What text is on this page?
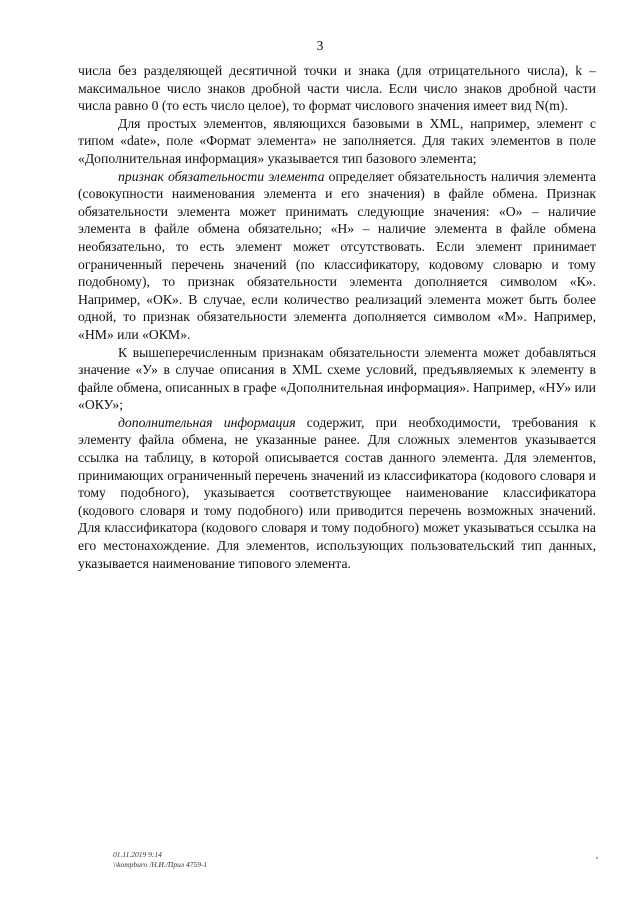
3

числа без разделяющей десятичной точки и знака (для отрицательного числа), k – максимальное число знаков дробной части числа. Если число знаков дробной части числа равно 0 (то есть число целое), то формат числового значения имеет вид N(m).

Для простых элементов, являющихся базовыми в XML, например, элемент с типом «date», поле «Формат элемента» не заполняется. Для таких элементов в поле «Дополнительная информация» указывается тип базового элемента;

признак обязательности элемента определяет обязательность наличия элемента (совокупности наименования элемента и его значения) в файле обмена. Признак обязательности элемента может принимать следующие значения: «О» – наличие элемента в файле обмена обязательно; «Н» – наличие элемента в файле обмена необязательно, то есть элемент может отсутствовать. Если элемент принимает ограниченный перечень значений (по классификатору, кодовому словарю и тому подобному), то признак обязательности элемента дополняется символом «К». Например, «ОК». В случае, если количество реализаций элемента может быть более одной, то признак обязательности элемента дополняется символом «М». Например, «НМ» или «ОКМ».

К вышеперечисленным признакам обязательности элемента может добавляться значение «У» в случае описания в XML схеме условий, предъявляемых к элементу в файле обмена, описанных в графе «Дополнительная информация». Например, «НУ» или «ОКУ»;

дополнительная информация содержит, при необходимости, требования к элементу файла обмена, не указанные ранее. Для сложных элементов указывается ссылка на таблицу, в которой описывается состав данного элемента. Для элементов, принимающих ограниченный перечень значений из классификатора (кодового словаря и тому подобного), указывается соответствующее наименование классификатора (кодового словаря и тому подобного) или приводится перечень возможных значений. Для классификатора (кодового словаря и тому подобного) может указываться ссылка на его местонахождение. Для элементов, использующих пользовательский тип данных, указывается наименование типового элемента.

01.11.2019 9:14
\\kompburo /H.И./Прил 4759-1
